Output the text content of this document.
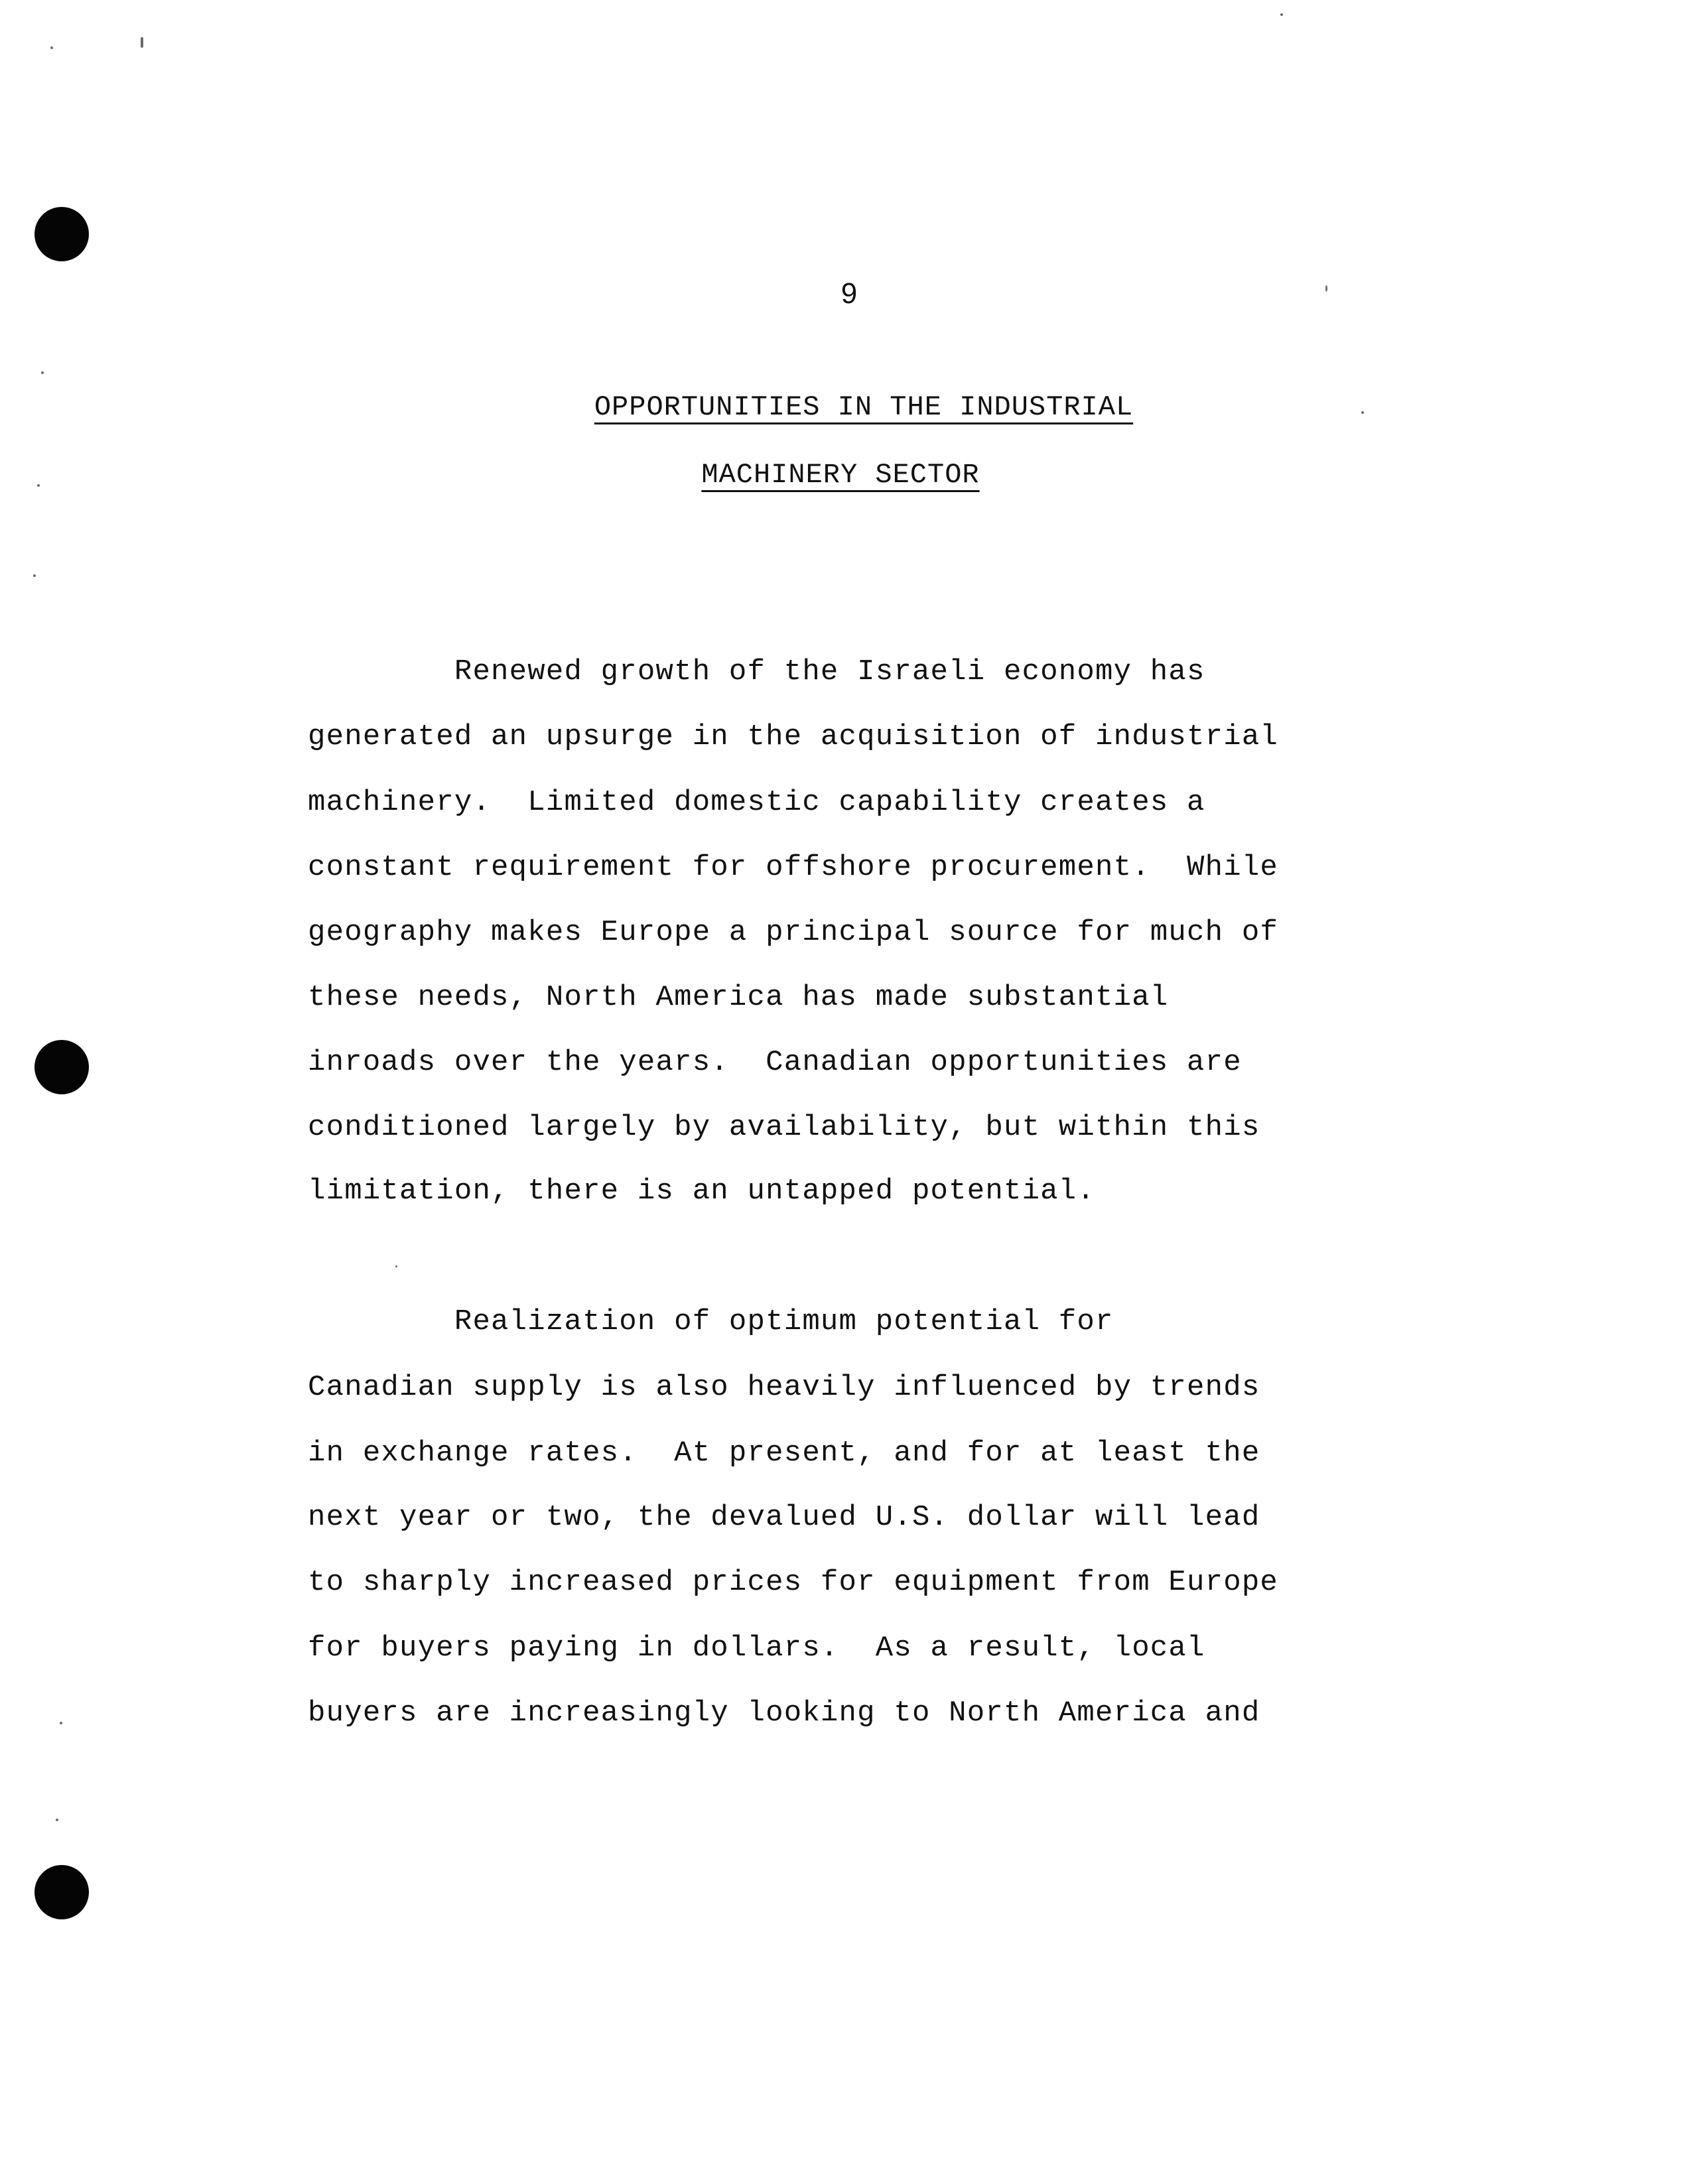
9
OPPORTUNITIES IN THE INDUSTRIAL
MACHINERY SECTOR
Renewed growth of the Israeli economy has
generated an upsurge in the acquisition of industrial
machinery.  Limited domestic capability creates a
constant requirement for offshore procurement.  While
geography makes Europe a principal source for much of
these needs, North America has made substantial
inroads over the years.  Canadian opportunities are
conditioned largely by availability, but within this
limitation, there is an untapped potential.
Realization of optimum potential for
Canadian supply is also heavily influenced by trends
in exchange rates.  At present, and for at least the
next year or two, the devalued U.S. dollar will lead
to sharply increased prices for equipment from Europe
for buyers paying in dollars.  As a result, local
buyers are increasingly looking to North America and
